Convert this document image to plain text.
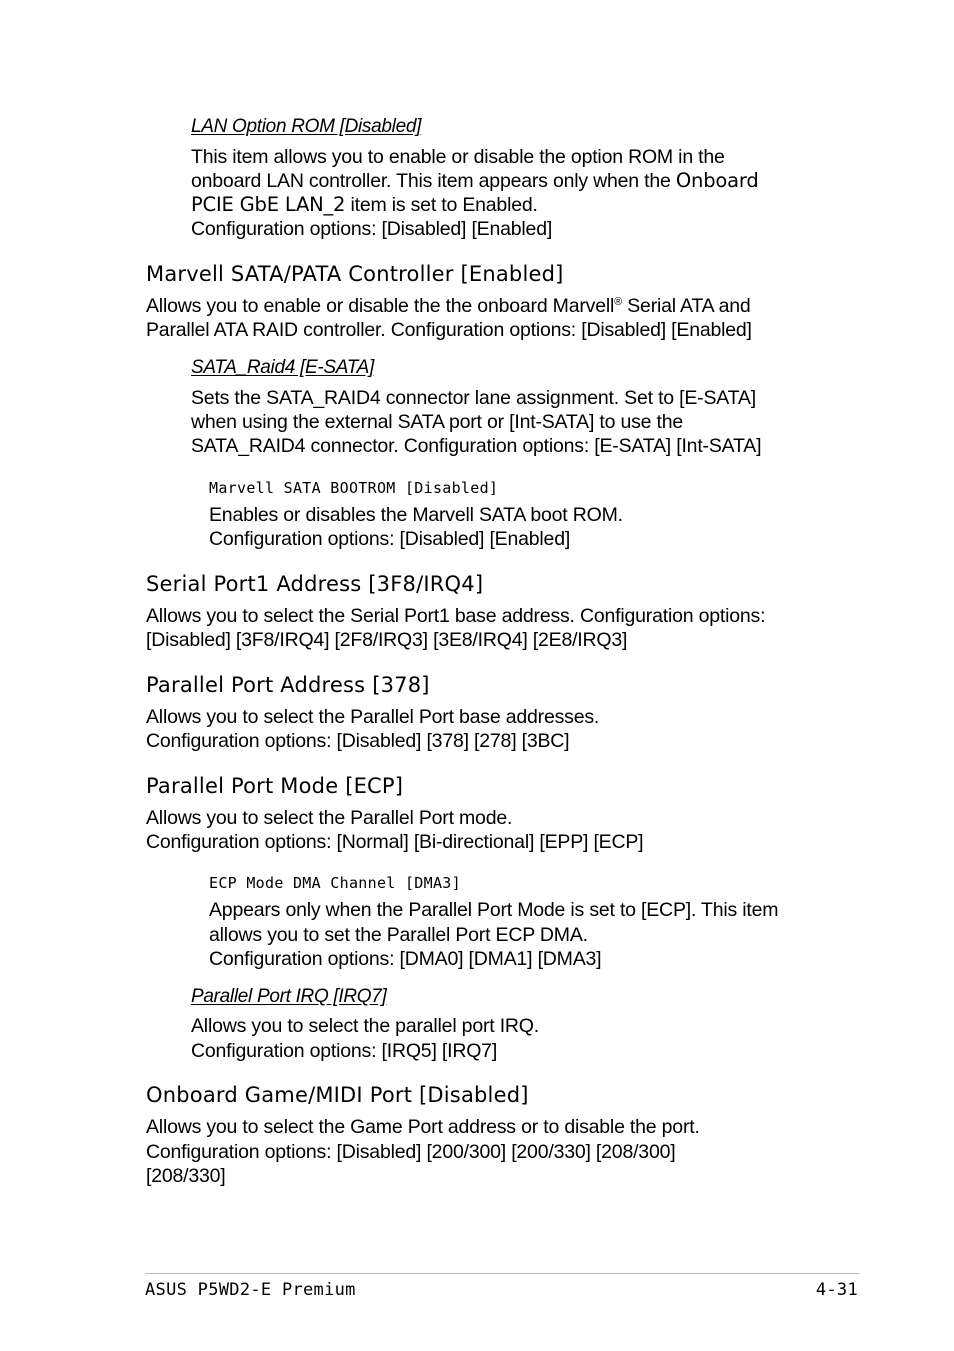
LAN Option ROM [Disabled]
This item allows you to enable or disable the option ROM in the
onboard LAN controller. This item appears only when the Onboard
PCIE GbE LAN_2 item is set to Enabled.
Configuration options: [Disabled] [Enabled]
Marvell SATA/PATA Controller [Enabled]
Allows you to enable or disable the the onboard Marvell® Serial ATA and
Parallel ATA RAID controller. Configuration options: [Disabled] [Enabled]
SATA_Raid4 [E-SATA]
Sets the SATA_RAID4 connector lane assignment. Set to [E-SATA]
when using the external SATA port or [Int-SATA] to use the
SATA_RAID4 connector. Configuration options: [E-SATA] [Int-SATA]
Marvell SATA BOOTROM [Disabled]
Enables or disables the Marvell SATA boot ROM.
Configuration options: [Disabled] [Enabled]
Serial Port1 Address [3F8/IRQ4]
Allows you to select the Serial Port1 base address. Configuration options:
[Disabled] [3F8/IRQ4] [2F8/IRQ3] [3E8/IRQ4] [2E8/IRQ3]
Parallel Port Address [378]
Allows you to select the Parallel Port base addresses.
Configuration options: [Disabled] [378] [278] [3BC]
Parallel Port Mode [ECP]
Allows you to select the Parallel Port mode.
Configuration options: [Normal] [Bi-directional] [EPP] [ECP]
ECP Mode DMA Channel [DMA3]
Appears only when the Parallel Port Mode is set to [ECP]. This item
allows you to set the Parallel Port ECP DMA.
Configuration options: [DMA0] [DMA1] [DMA3]
Parallel Port IRQ [IRQ7]
Allows you to select the parallel port IRQ.
Configuration options: [IRQ5] [IRQ7]
Onboard Game/MIDI Port [Disabled]
Allows you to select the Game Port address or to disable the port.
Configuration options: [Disabled] [200/300] [200/330] [208/300]
[208/330]
ASUS P5WD2-E Premium	4-31
